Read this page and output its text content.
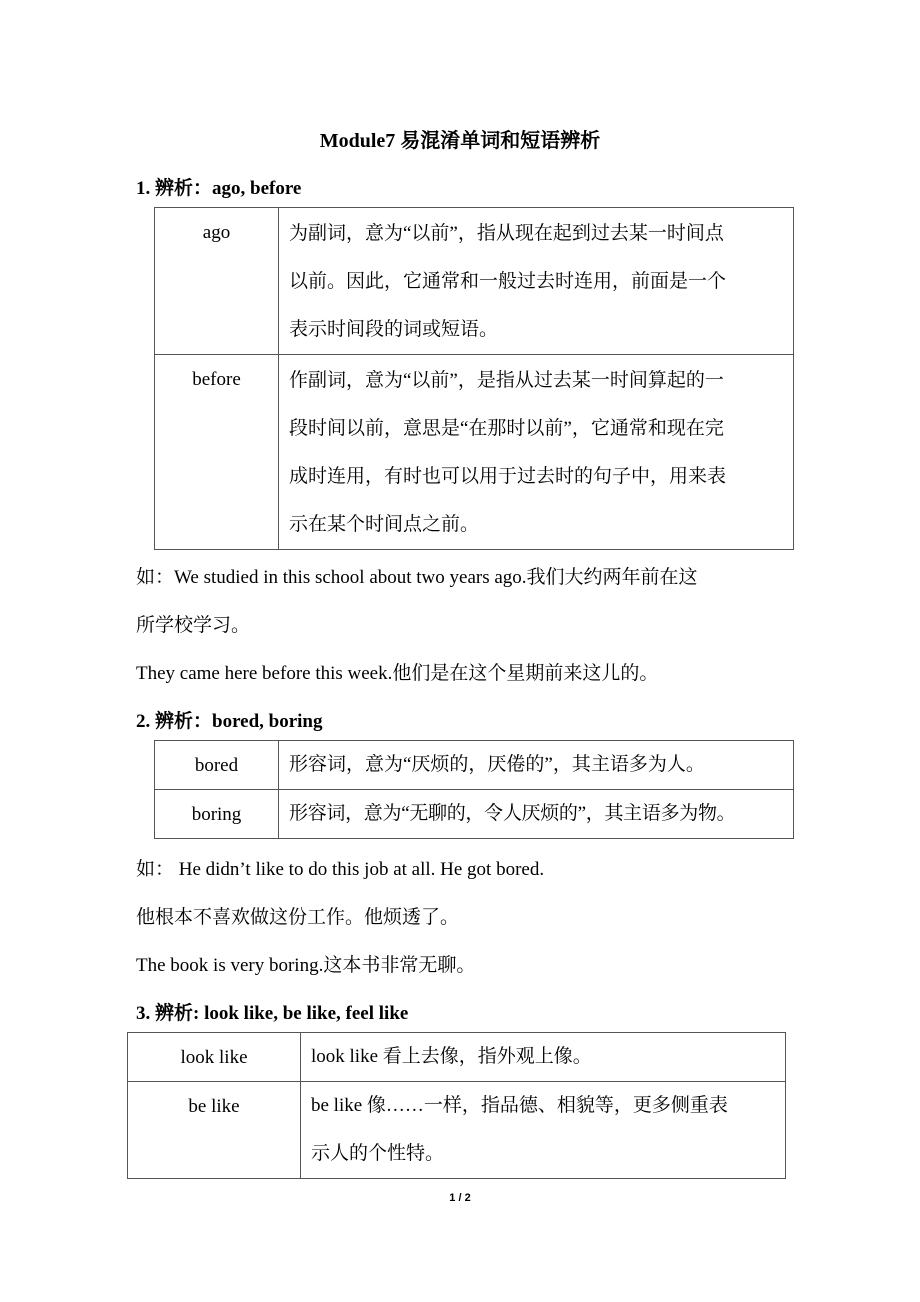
Module7 易混淆单词和短语辨析
1. 辨析：ago, before
ago	为副词，意为“以前”，指从现在起到过去某一时间点
以前。因此，它通常和一般过去时连用，前面是一个
表示时间段的词或短语。

before	作副词，意为“以前”，是指从过去某一时间算起的一
段时间以前，意思是“在那时以前”，它通常和现在完
成时连用，有时也可以用于过去时的句子中，用来表
示在某个时间点之前。
如：We studied in this school about two years ago.我们大约两年前在这
所学校学习。
They came here before this week.他们是在这个星期前来这儿的。
2. 辨析：bored, boring
bored	形容词，意为“厌烦的，厌倦的”，其主语多为人。

boring	形容词，意为“无聊的，令人厌烦的”，其主语多为物。
如： He didn’t like to do this job at all. He got bored.
他根本不喜欢做这份工作。他烦透了。
The book is very boring.这本书非常无聊。
3. 辨析: look like, be like, feel like
look like	look like 看上去像，指外观上像。

be like	be like 像……一样，指品德、相貌等，更多侧重表
示人的个性特。
1 / 2
